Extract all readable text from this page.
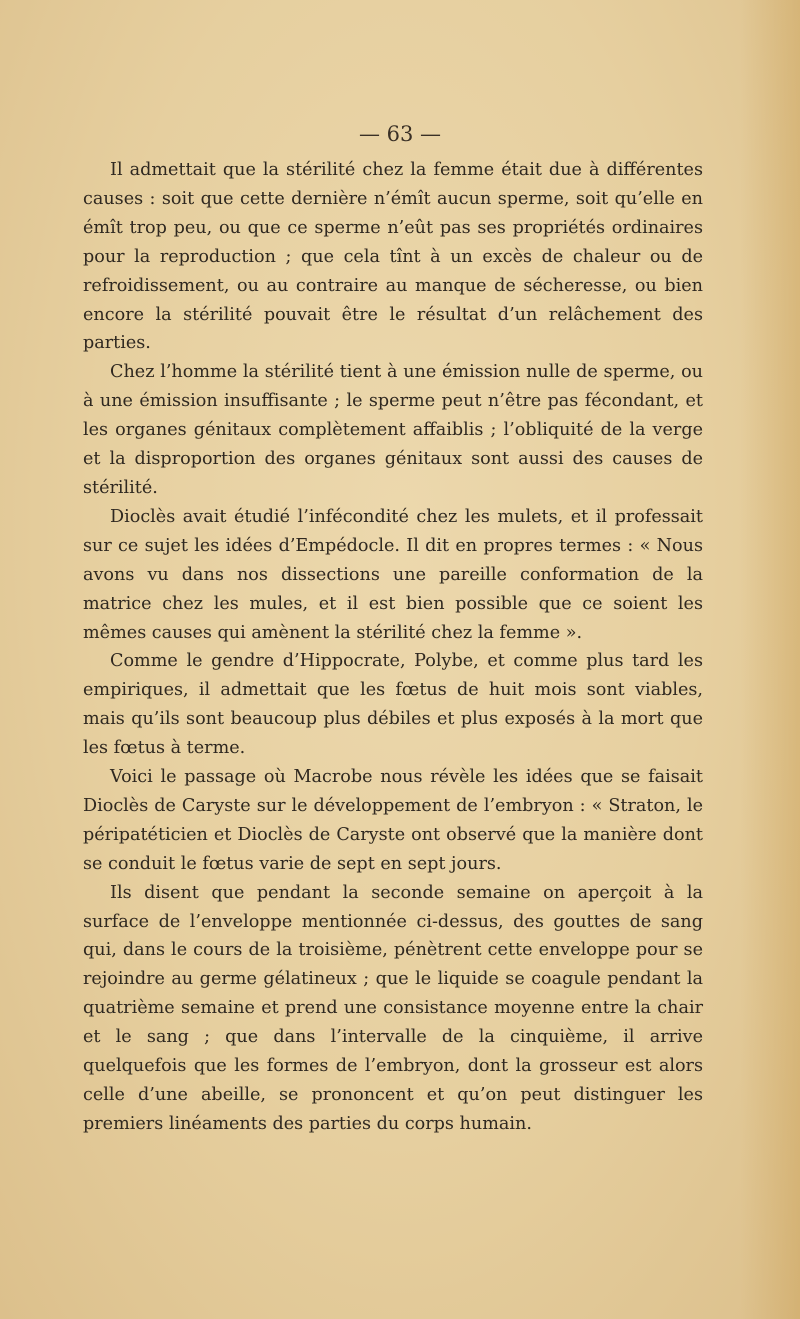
— 63 —

Il admettait que la stérilité chez la femme était due à différentes causes : soit que cette dernière n’émît aucun sperme, soit qu’elle en émît trop peu, ou que ce sperme n’eût pas ses propriétés ordinaires pour la reproduction ; que cela tînt à un excès de chaleur ou de refroidissement, ou au contraire au manque de sécheresse, ou bien encore la stérilité pouvait être le résultat d’un relâchement des parties.

Chez l’homme la stérilité tient à une émission nulle de sperme, ou à une émission insuffisante ; le sperme peut n’être pas fécondant, et les organes génitaux complètement affaiblis ; l’obliquité de la verge et la disproportion des organes génitaux sont aussi des causes de stérilité.

Dioclès avait étudié l’infécondité chez les mulets, et il professait sur ce sujet les idées d’Empédocle. Il dit en propres termes : « Nous avons vu dans nos dissections une pareille conformation de la matrice chez les mules, et il est bien possible que ce soient les mêmes causes qui amènent la stérilité chez la femme ».

Comme le gendre d’Hippocrate, Polybe, et comme plus tard les empiriques, il admettait que les fœtus de huit mois sont viables, mais qu’ils sont beaucoup plus débiles et plus exposés à la mort que les fœtus à terme.

Voici le passage où Macrobe nous révèle les idées que se faisait Dioclès de Caryste sur le développement de l’embryon : « Straton, le péripatéticien et Dioclès de Caryste ont observé que la manière dont se conduit le fœtus varie de sept en sept jours.

Ils disent que pendant la seconde semaine on aperçoit à la surface de l’enveloppe mentionnée ci-dessus, des gouttes de sang qui, dans le cours de la troisième, pénètrent cette enveloppe pour se rejoindre au germe gélatineux ; que le liquide se coagule pendant la quatrième semaine et prend une consistance moyenne entre la chair et le sang ; que dans l’intervalle de la cinquième, il arrive quelquefois que les formes de l’embryon, dont la grosseur est alors celle d’une abeille, se prononcent et qu’on peut distinguer les premiers linéaments des parties du corps humain.
